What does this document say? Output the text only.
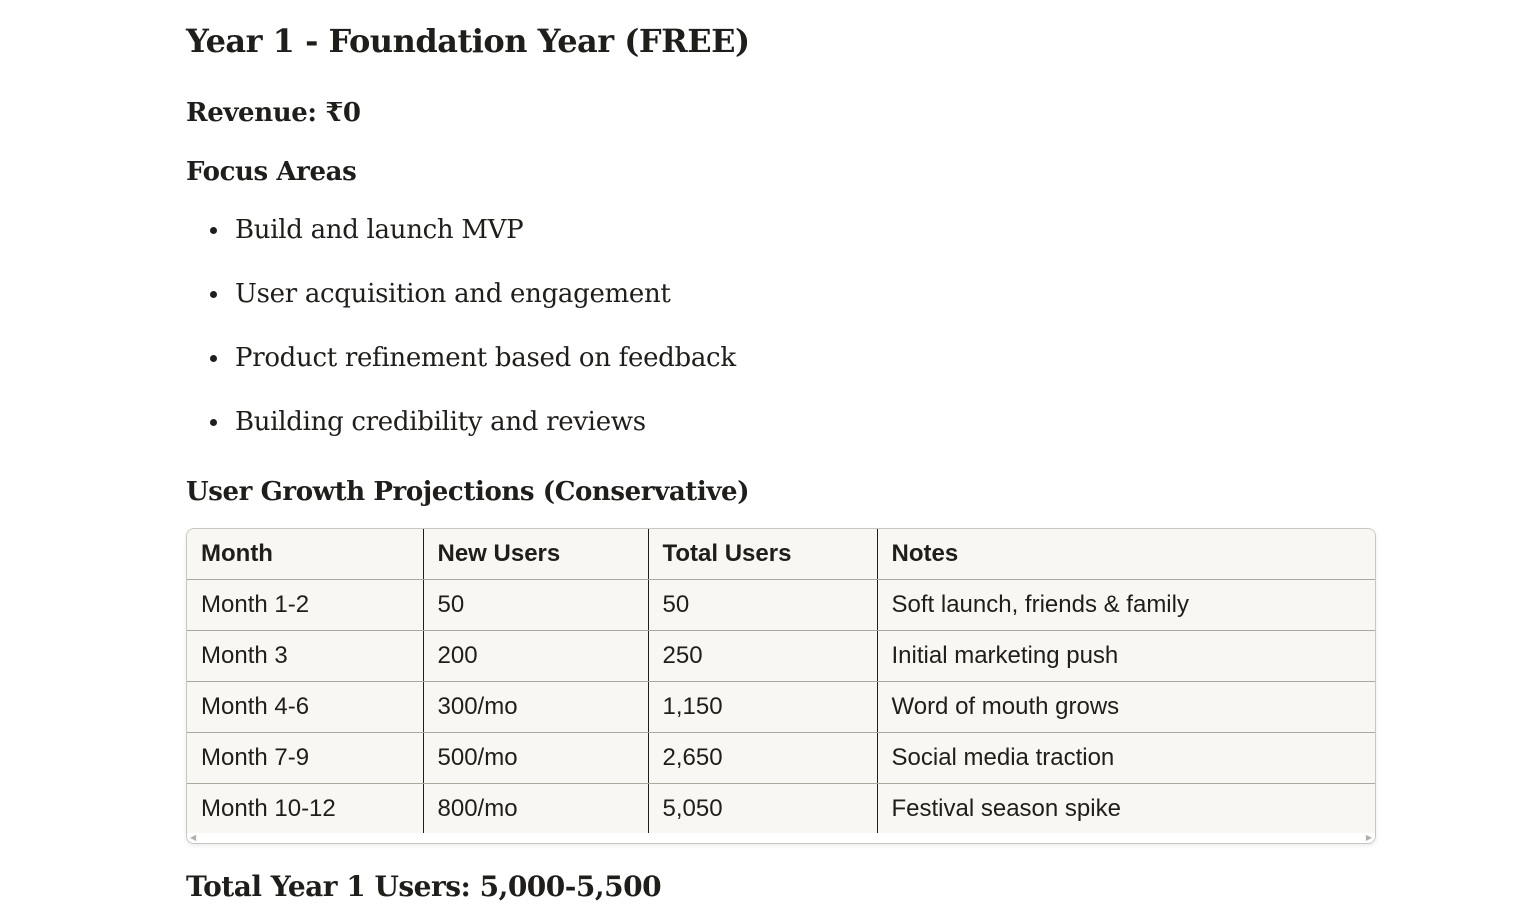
Year 1 - Foundation Year (FREE)

Revenue: ₹0

Focus Areas
Build and launch MVP
User acquisition and engagement
Product refinement based on feedback
Building credibility and reviews
User Growth Projections (Conservative)
Month	New Users	Total Users	Notes
Month 1-2	50	50	Soft launch, friends & family
Month 3	200	250	Initial marketing push
Month 4-6	300/mo	1,150	Word of mouth grows
Month 7-9	500/mo	2,650	Social media traction
Month 10-12	800/mo	5,050	Festival season spike
◀	▶

Total Year 1 Users: 5,000-5,500
